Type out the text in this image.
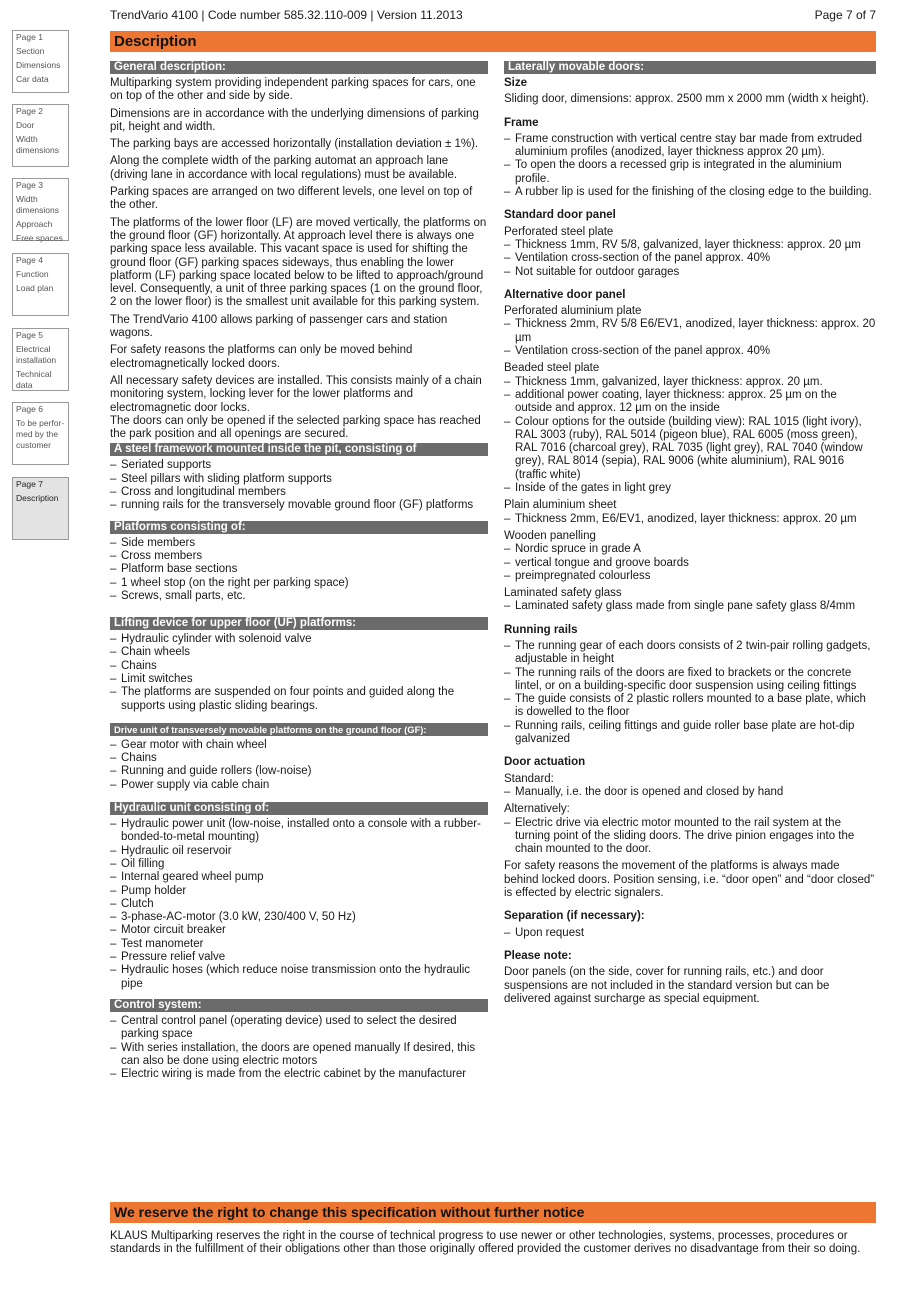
TrendVario 4100 | Code number 585.32.110-009 | Version 11.2013	Page 7 of 7
Page 1
Section
Dimensions
Car data
Page 2
Door
Width dimensions
Page 3
Width dimensions
Approach
Free spaces
Page 4
Function
Load plan
Page 5
Electrical installation
Technical data
Page 6
To be perfor-med by the customer
Page 7
Description
Description
General description:

Multiparking system providing independent parking spaces for cars, one on top of the other and side by side.

Dimensions are in accordance with the underlying dimensions of parking pit, height and width.

The parking bays are accessed horizontally (installation deviation ± 1%).

Along the complete width of the parking automat an approach lane (driving lane in accordance with local regulations) must be available.

Parking spaces are arranged on two different levels, one level on top of the other.

The platforms of the lower floor (LF) are moved vertically, the platforms on the ground floor (GF) horizontally. At approach level there is always one parking space less available. This vacant space is used for shifting the ground floor (GF) parking spaces sideways, thus enabling the lower platform (LF) parking space located below to be lifted to approach/ground level. Consequently, a unit of three parking spaces (1 on the ground floor, 2 on the lower floor) is the smallest unit available for this parking system.

The TrendVario 4100 allows parking of passenger cars and station wagons.

For safety reasons the platforms can only be moved behind electromagnetically locked doors.

All necessary safety devices are installed. This consists mainly of a chain monitoring system, locking lever for the lower platforms and electromagnetic door locks.

The doors can only be opened if the selected parking space has reached the park position and all openings are secured.

A steel framework mounted inside the pit, consisting of
– Seriated supports
– Steel pillars with sliding platform supports
– Cross and longitudinal members
– running rails for the transversely movable ground floor (GF) platforms
Platforms consisting of:
– Side members
– Cross members
– Platform base sections
– 1 wheel stop (on the right per parking space)
– Screws, small parts, etc.
Lifting device for upper floor (UF) platforms:
– Hydraulic cylinder with solenoid valve
– Chain wheels
– Chains
– Limit switches
– The platforms are suspended on four points and guided along the supports using plastic sliding bearings.
Drive unit of transversely movable platforms on the ground floor (GF):
– Gear motor with chain wheel
– Chains
– Running and guide rollers (low-noise)
– Power supply via cable chain
Hydraulic unit consisting of:
– Hydraulic power unit (low-noise, installed onto a console with a rubber-bonded-to-metal mounting)
– Hydraulic oil reservoir
– Oil filling
– Internal geared wheel pump
– Pump holder
– Clutch
– 3-phase-AC-motor (3.0 kW, 230/400 V, 50 Hz)
– Motor circuit breaker
– Test manometer
– Pressure relief valve
– Hydraulic hoses (which reduce noise transmission onto the hydraulic pipe
Control system:
– Central control panel (operating device) used to select the desired parking space
– With series installation, the doors are opened manually If desired, this can also be done using electric motors
– Electric wiring is made from the electric cabinet by the manufacturer
Laterally movable doors:
Size

Sliding door, dimensions: approx. 2500 mm x 2000 mm (width x height).

Frame
– Frame construction with vertical centre stay bar made from extruded aluminium profiles (anodized, layer thickness approx 20 µm).
– To open the doors a recessed grip is integrated in the aluminium profile.
– A rubber lip is used for the finishing of the closing edge to the building.
Standard door panel
Perforated steel plate
– Thickness 1mm, RV 5/8, galvanized, layer thickness: approx. 20 µm
– Ventilation cross-section of the panel approx. 40%
– Not suitable for outdoor garages
Alternative door panel
Perforated aluminium plate
– Thickness 2mm, RV 5/8 E6/EV1, anodized, layer thickness: approx. 20 µm
– Ventilation cross-section of the panel approx. 40%
Beaded steel plate
– Thickness 1mm, galvanized, layer thickness: approx. 20 µm.
– additional power coating, layer thickness: approx. 25 µm on the outside and approx. 12 µm on the inside
– Colour options for the outside (building view): RAL 1015 (light ivory), RAL 3003 (ruby), RAL 5014 (pigeon blue), RAL 6005 (moss green), RAL 7016 (charcoal grey), RAL 7035 (light grey), RAL 7040 (window grey), RAL 8014 (sepia), RAL 9006 (white aluminium), RAL 9016 (traffic white)
– Inside of the gates in light grey
Plain aluminium sheet
– Thickness 2mm, E6/EV1, anodized, layer thickness: approx. 20 µm
Wooden panelling
– Nordic spruce in grade A
– vertical tongue and groove boards
– preimpregnated colourless
Laminated safety glass
– Laminated safety glass made from single pane safety glass 8/4mm
Running rails
– The running gear of each doors consists of 2 twin-pair rolling gadgets, adjustable in height
– The running rails of the doors are fixed to brackets or the concrete lintel, or on a building-specific door suspension using ceiling fittings
– The guide consists of 2 plastic rollers mounted to a base plate, which is dowelled to the floor
– Running rails, ceiling fittings and guide roller base plate are hot-dip galvanized
Door actuation
Standard:
– Manually, i.e. the door is opened and closed by hand
Alternatively:
– Electric drive via electric motor mounted to the rail system at the turning point of the sliding doors. The drive pinion engages into the chain mounted to the door.

For safety reasons the movement of the platforms is always made behind locked doors. Position sensing, i.e. “door open” and “door closed” is effected by electric signalers.

Separation (if necessary):
– Upon request
Please note:

Door panels (on the side, cover for running rails, etc.) and door suspensions are not included in the standard version but can be delivered against surcharge as special equipment.

We reserve the right to change this specification without further notice
KLAUS Multiparking reserves the right in the course of technical progress to use newer or other technologies, systems, processes, procedures or standards in the fulfillment of their obligations other than those originally offered provided the customer derives no disadvantage from their so doing.
